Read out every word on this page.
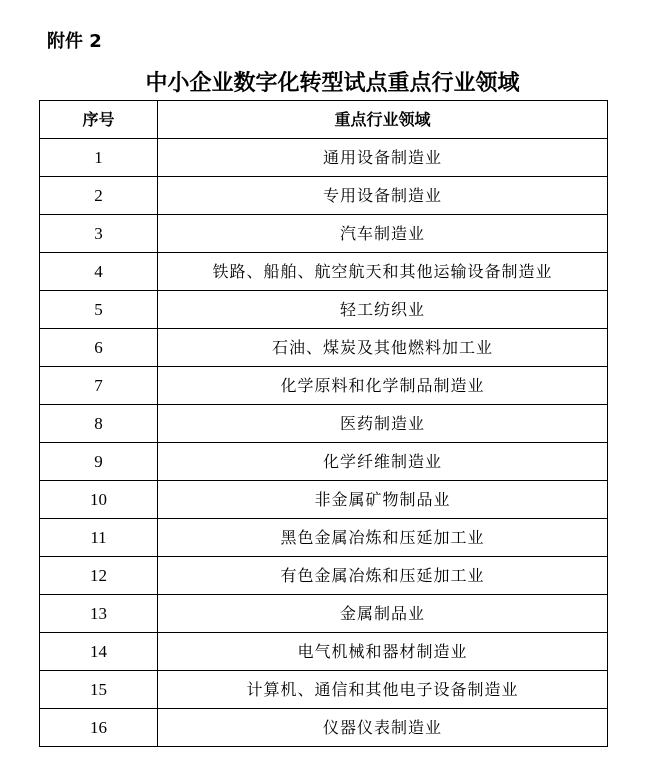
附件 2

中小企业数字化转型试点重点行业领域
序号	重点行业领域
1	通用设备制造业
2	专用设备制造业
3	汽车制造业
4	铁路、船舶、航空航天和其他运输设备制造业
5	轻工纺织业
6	石油、煤炭及其他燃料加工业
7	化学原料和化学制品制造业
8	医药制造业
9	化学纤维制造业
10	非金属矿物制品业
11	黑色金属冶炼和压延加工业
12	有色金属冶炼和压延加工业
13	金属制品业
14	电气机械和器材制造业
15	计算机、通信和其他电子设备制造业
16	仪器仪表制造业
